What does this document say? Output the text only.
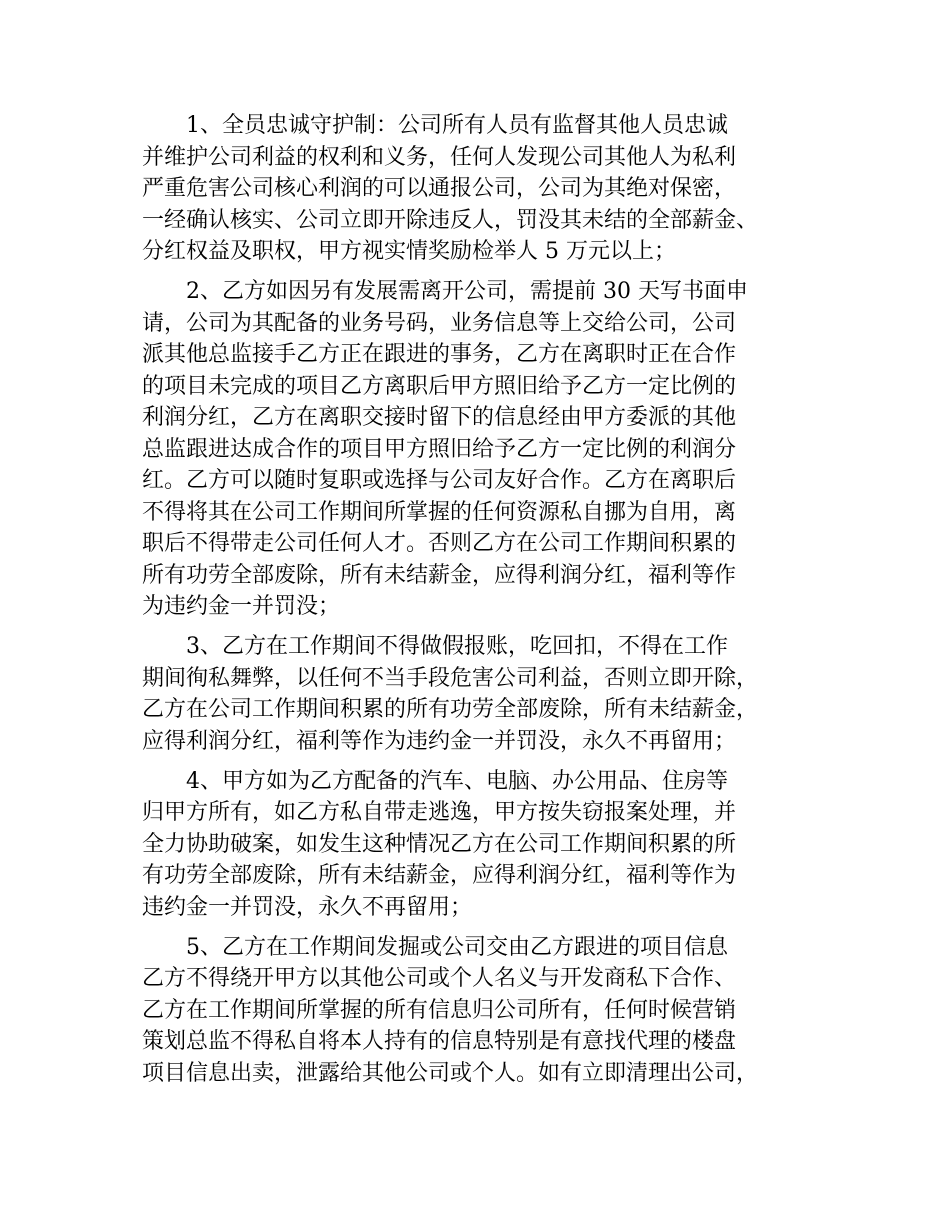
1、全员忠诚守护制：公司所有人员有监督其他人员忠诚
并维护公司利益的权利和义务，任何人发现公司其他人为私利
严重危害公司核心利润的可以通报公司，公司为其绝对保密，
一经确认核实、公司立即开除违反人，罚没其未结的全部薪金、
分红权益及职权，甲方视实情奖励检举人 5 万元以上；
2、乙方如因另有发展需离开公司，需提前 30 天写书面申
请，公司为其配备的业务号码，业务信息等上交给公司，公司
派其他总监接手乙方正在跟进的事务，乙方在离职时正在合作
的项目未完成的项目乙方离职后甲方照旧给予乙方一定比例的
利润分红，乙方在离职交接时留下的信息经由甲方委派的其他
总监跟进达成合作的项目甲方照旧给予乙方一定比例的利润分
红。乙方可以随时复职或选择与公司友好合作。乙方在离职后
不得将其在公司工作期间所掌握的任何资源私自挪为自用，离
职后不得带走公司任何人才。否则乙方在公司工作期间积累的
所有功劳全部废除，所有未结薪金，应得利润分红，福利等作
为违约金一并罚没；
3、乙方在工作期间不得做假报账，吃回扣，不得在工作
期间徇私舞弊，以任何不当手段危害公司利益，否则立即开除，
乙方在公司工作期间积累的所有功劳全部废除，所有未结薪金，
应得利润分红，福利等作为违约金一并罚没，永久不再留用；
4、甲方如为乙方配备的汽车、电脑、办公用品、住房等
归甲方所有，如乙方私自带走逃逸，甲方按失窃报案处理，并
全力协助破案，如发生这种情况乙方在公司工作期间积累的所
有功劳全部废除，所有未结薪金，应得利润分红，福利等作为
违约金一并罚没，永久不再留用；
5、乙方在工作期间发掘或公司交由乙方跟进的项目信息
乙方不得绕开甲方以其他公司或个人名义与开发商私下合作、
乙方在工作期间所掌握的所有信息归公司所有，任何时候营销
策划总监不得私自将本人持有的信息特别是有意找代理的楼盘
项目信息出卖，泄露给其他公司或个人。如有立即清理出公司，
